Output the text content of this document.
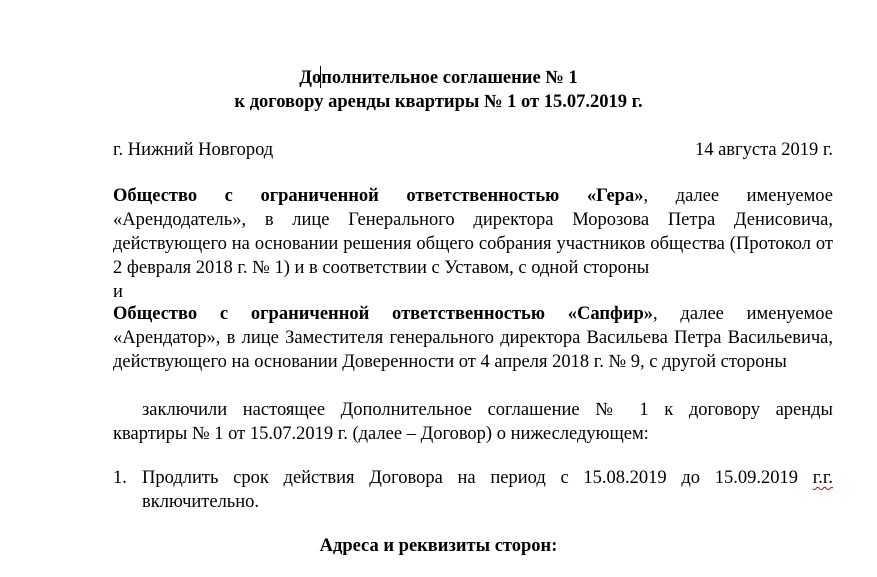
Дополнительное соглашение № 1
к договору аренды квартиры № 1 от 15.07.2019 г.
г. Нижний Новгород	14 августа 2019 г.
Общество с ограниченной ответственностью «Гера», далее именуемое
«Арендодатель», в лице Генерального директора Морозова Петра Денисовича,
действующего на основании решения общего собрания участников общества (Протокол от
2 февраля 2018 г. № 1) и в соответствии с Уставом, с одной стороны
и
Общество с ограниченной ответственностью «Сапфир», далее именуемое
«Арендатор», в лице Заместителя генерального директора Васильева Петра Васильевича,
действующего на основании Доверенности от 4 апреля 2018 г. № 9, с другой стороны
заключили настоящее Дополнительное соглашение № 1 к договору аренды
квартиры № 1 от 15.07.2019 г. (далее – Договор) о нижеследующем:
1. Продлить срок действия Договора на период с 15.08.2019 до 15.09.2019 г.г.
включительно.
Адреса и реквизиты сторон:
